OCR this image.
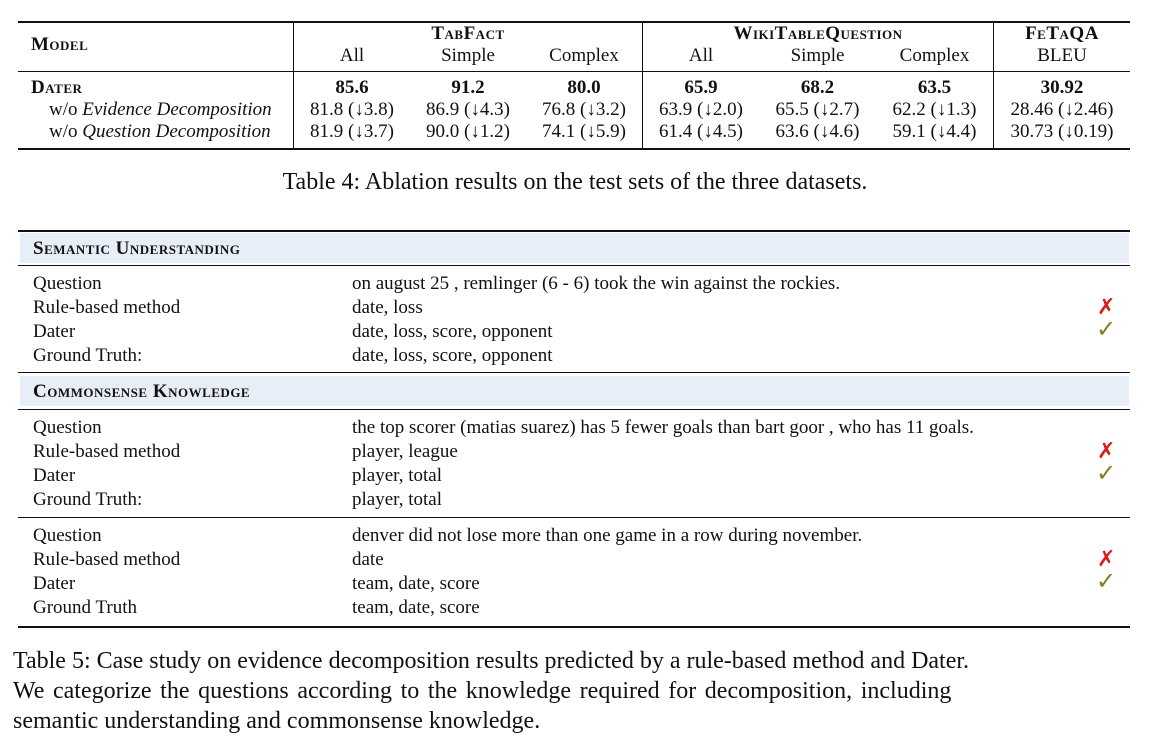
Model
TabFact	WikiTableQuestion	FeTaQA
All	Simple	Complex	All	Simple	Complex	BLEU
Dater	85.6	91.2	80.0	65.9	68.2	63.5	30.92
w/o Evidence Decomposition	81.8 (↓3.8)	86.9 (↓4.3)	76.8 (↓3.2)	63.9 (↓2.0)	65.5 (↓2.7)	62.2 (↓1.3)	28.46 (↓2.46)
w/o Question Decomposition	81.9 (↓3.7)	90.0 (↓1.2)	74.1 (↓5.9)	61.4 (↓4.5)	63.6 (↓4.6)	59.1 (↓4.4)	30.73 (↓0.19)
Table 4: Ablation results on the test sets of the three datasets.
Semantic Understanding
Question	on august 25 , remlinger (6 - 6) took the win against the rockies.
Rule-based method	date, loss	✗
Dater	date, loss, score, opponent	✓
Ground Truth:	date, loss, score, opponent
Commonsense Knowledge
Question	the top scorer (matias suarez) has 5 fewer goals than bart goor , who has 11 goals.
Rule-based method	player, league	✗
Dater	player, total	✓
Ground Truth:	player, total
Question	denver did not lose more than one game in a row during november.
Rule-based method	date	✗
Dater	team, date, score	✓
Ground Truth	team, date, score
Table 5: Case study on evidence decomposition results predicted by a rule-based method and Dater.
We categorize the questions according to the knowledge required for decomposition, including
semantic understanding and commonsense knowledge.
